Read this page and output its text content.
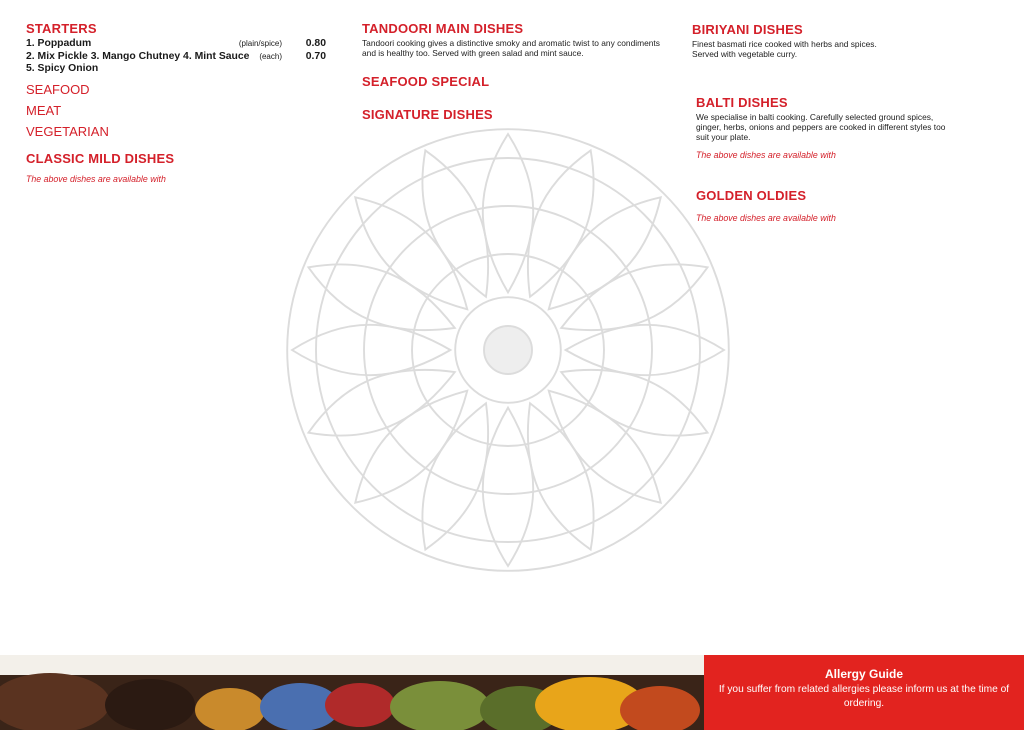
STARTERS
1. Poppadum	(plain/spice)	0.80
2. Mix Pickle 3. Mango Chutney 4. Mint Sauce	(each)	0.70
5. Spicy Onion
SEAFOOD
MEAT
VEGETARIAN
CLASSIC MILD DISHES
The above dishes are available with
TANDOORI MAIN DISHES
Tandoori cooking gives a distinctive smoky and aromatic twist to any condiments and is healthy too. Served with green salad and mint sauce.
SEAFOOD SPECIAL
SIGNATURE DISHES
BIRIYANI DISHES
Finest basmati rice cooked with herbs and spices. Served with vegetable curry.
BALTI DISHES
We specialise in balti cooking. Carefully selected ground spices, ginger, herbs, onions and peppers are cooked in different styles too suit your plate.
The above dishes are available with
GOLDEN OLDIES
The above dishes are available with
Allergy Guide
If you suffer from related allergies please inform us at the time of ordering.
